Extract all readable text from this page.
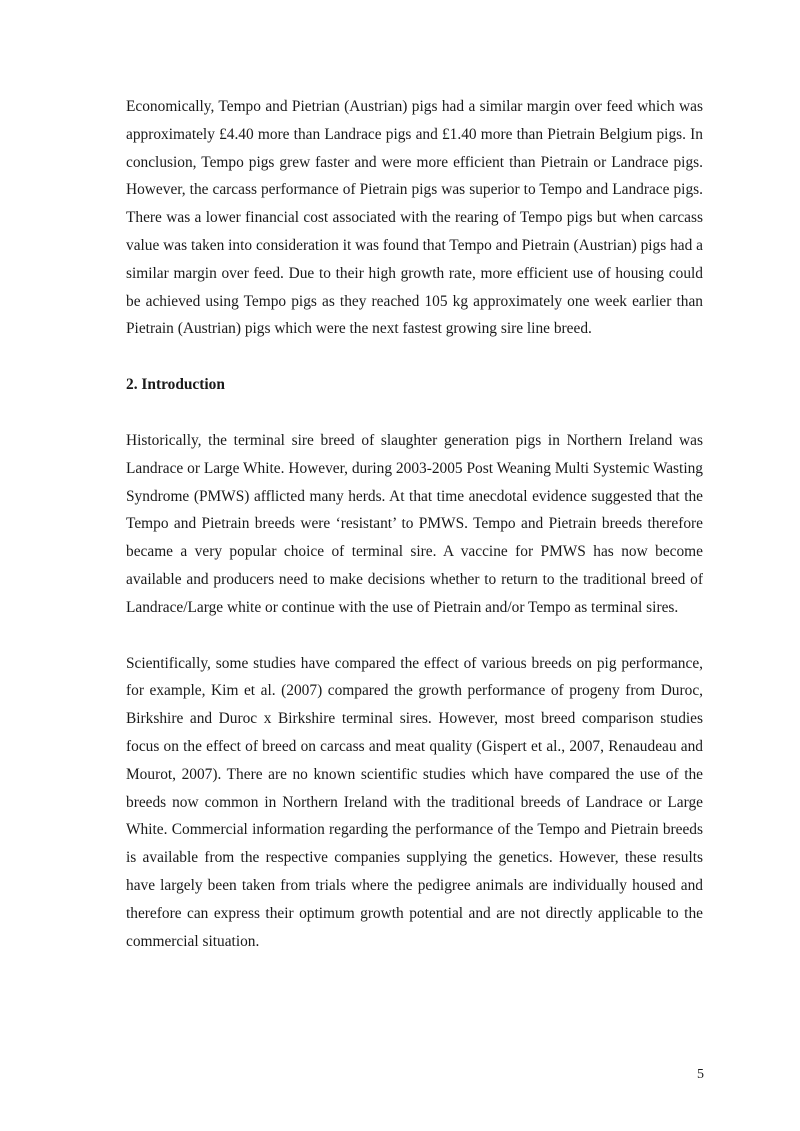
Economically, Tempo and Pietrian (Austrian) pigs had a similar margin over feed which was approximately £4.40 more than Landrace pigs and £1.40 more than Pietrain Belgium pigs. In conclusion, Tempo pigs grew faster and were more efficient than Pietrain or Landrace pigs. However, the carcass performance of Pietrain pigs was superior to Tempo and Landrace pigs. There was a lower financial cost associated with the rearing of Tempo pigs but when carcass value was taken into consideration it was found that Tempo and Pietrain (Austrian) pigs had a similar margin over feed. Due to their high growth rate, more efficient use of housing could be achieved using Tempo pigs as they reached 105 kg approximately one week earlier than Pietrain (Austrian) pigs which were the next fastest growing sire line breed.

2. Introduction

Historically, the terminal sire breed of slaughter generation pigs in Northern Ireland was Landrace or Large White. However, during 2003-2005 Post Weaning Multi Systemic Wasting Syndrome (PMWS) afflicted many herds. At that time anecdotal evidence suggested that the Tempo and Pietrain breeds were ‘resistant’ to PMWS. Tempo and Pietrain breeds therefore became a very popular choice of terminal sire. A vaccine for PMWS has now become available and producers need to make decisions whether to return to the traditional breed of Landrace/Large white or continue with the use of Pietrain and/or Tempo as terminal sires.

Scientifically, some studies have compared the effect of various breeds on pig performance, for example, Kim et al. (2007) compared the growth performance of progeny from Duroc, Birkshire and Duroc x Birkshire terminal sires. However, most breed comparison studies focus on the effect of breed on carcass and meat quality (Gispert et al., 2007, Renaudeau and Mourot, 2007). There are no known scientific studies which have compared the use of the breeds now common in Northern Ireland with the traditional breeds of Landrace or Large White. Commercial information regarding the performance of the Tempo and Pietrain breeds is available from the respective companies supplying the genetics. However, these results have largely been taken from trials where the pedigree animals are individually housed and therefore can express their optimum growth potential and are not directly applicable to the commercial situation.

5
